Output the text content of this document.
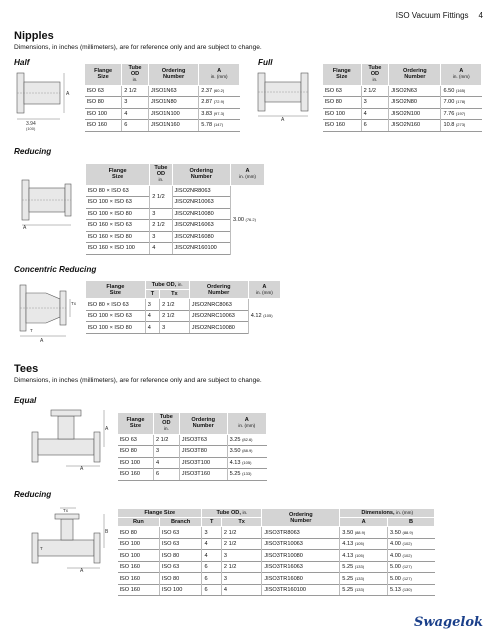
ISO Vacuum Fittings 4
Nipples

Dimensions, in inches (millimeters), are for reference only and are subject to change.

Half
A
3.94
(100)
Flange
Size	Tube
OD
in.	Ordering
Number	A
in. (mm)
ISO 63	2 1/2	JISO1N63	2.37 (60.2)
ISO 80	3	JISO1N80	2.87 (72.9)
ISO 100	4	JISO1N100	3.83 (97.3)
ISO 160	6	JISO1N160	5.78 (147)
Full
A
Flange
Size	Tube
OD
in.	Ordering
Number	A
in. (mm)
ISO 63	2 1/2	JISO2N63	6.50 (165)
ISO 80	3	JISO2N80	7.00 (178)
ISO 100	4	JISO2N100	7.76 (197)
ISO 160	6	JISO2N160	10.8 (273)
Reducing
A
Flange
Size	Tube
OD
in.	Ordering
Number	A
in. (mm)
ISO 80 × ISO 63	2 1/2	JISO2NR8063	3.00 (76.2)
ISO 100 × ISO 63		JISO2NR10063	
ISO 100 × ISO 80	3	JISO2NR10080	
ISO 160 × ISO 63	2 1/2	JISO2NR16063	
ISO 160 × ISO 80	3	JISO2NR16080	
ISO 160 × ISO 100	4	JISO2NR160100	
Concentric Reducing
Tx
T
A
Flange
Size	Tube OD, in.		Ordering
Number	A
in. (mm)
	T	Tx		
ISO 80 × ISO 63	3	2 1/2	JISO2NRC8063	4.12 (105)
ISO 100 × ISO 63	4	2 1/2	JISO2NRC10063	
ISO 100 × ISO 80	4	3	JISO2NRC10080	
Tees

Dimensions, in inches (millimeters), are for reference only and are subject to change.

Equal
A
A
Flange
Size	Tube
OD
in.	Ordering
Number	A
in. (mm)
ISO 63	2 1/2	JISO3T63	3.25 (82.6)
ISO 80	3	JISO3T80	3.50 (88.9)
ISO 100	4	JISO3T100	4.13 (105)
ISO 160	6	JISO3T160	5.25 (133)
Reducing
Tx
T
B
A
Flange Size		Tube OD, in.		Ordering
Number	Dimensions, in. (mm)	
Run	Branch	T	Tx		A	B
ISO 80	ISO 63	3	2 1/2	JISO3TR8063	3.50 (88.9)	3.50 (88.9)
ISO 100	ISO 63	4	2 1/2	JISO3TR10063	4.13 (105)	4.00 (102)
ISO 100	ISO 80	4	3	JISO3TR10080	4.13 (105)	4.00 (102)
ISO 160	ISO 63	6	2 1/2	JISO3TR16063	5.25 (133)	5.00 (127)
ISO 160	ISO 80	6	3	JISO3TR16080	5.25 (133)	5.00 (127)
ISO 160	ISO 100	6	4	JISO3TR160100	5.25 (133)	5.13 (130)
Swagelok
